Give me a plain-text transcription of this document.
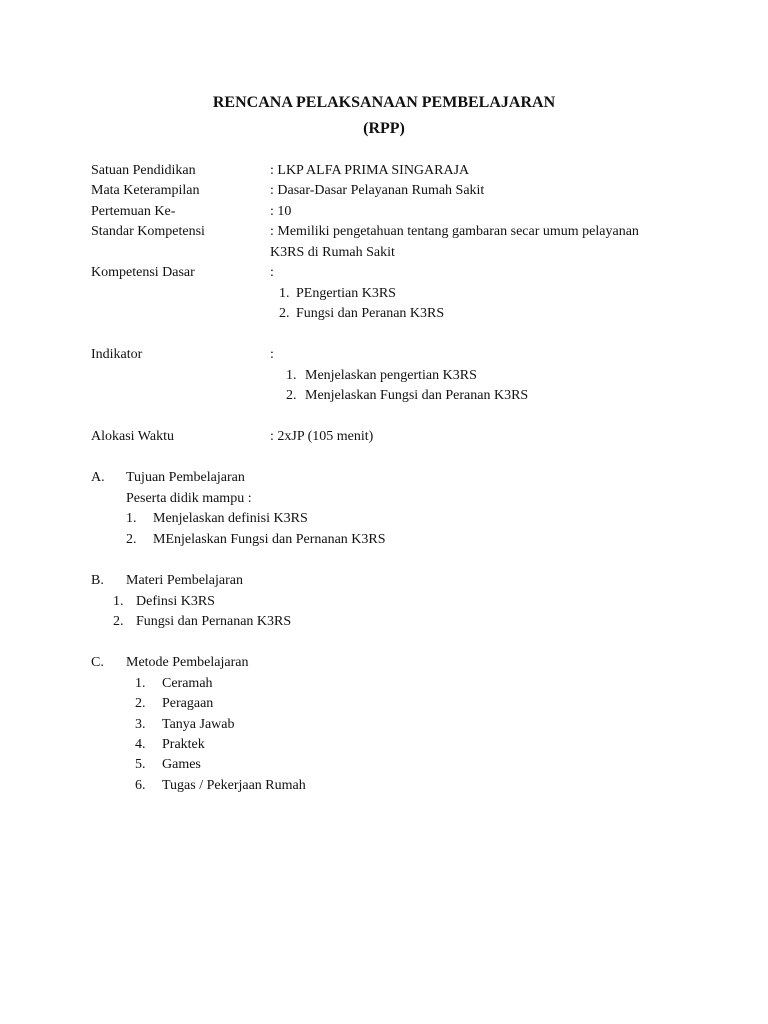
RENCANA PELAKSANAAN PEMBELAJARAN
(RPP)
Satuan Pendidikan	: LKP ALFA PRIMA SINGARAJA
Mata Keterampilan	: Dasar-Dasar Pelayanan Rumah Sakit
Pertemuan Ke-	: 10
Standar Kompetensi	: Memiliki pengetahuan tentang gambaran secar umum pelayanan
K3RS di Rumah Sakit
Kompetensi Dasar	:
1. PEngertian K3RS
2. Fungsi dan Peranan K3RS
Indikator	:
1. Menjelaskan pengertian K3RS
2. Menjelaskan Fungsi dan Peranan K3RS
Alokasi Waktu	: 2xJP (105 menit)
A. Tujuan Pembelajaran
Peserta didik mampu :
1. Menjelaskan definisi K3RS
2. MEnjelaskan Fungsi dan Pernanan K3RS
B. Materi Pembelajaran
1. Definsi K3RS
2. Fungsi dan Pernanan K3RS
C. Metode Pembelajaran
1. Ceramah
2. Peragaan
3. Tanya Jawab
4. Praktek
5. Games
6. Tugas / Pekerjaan Rumah
